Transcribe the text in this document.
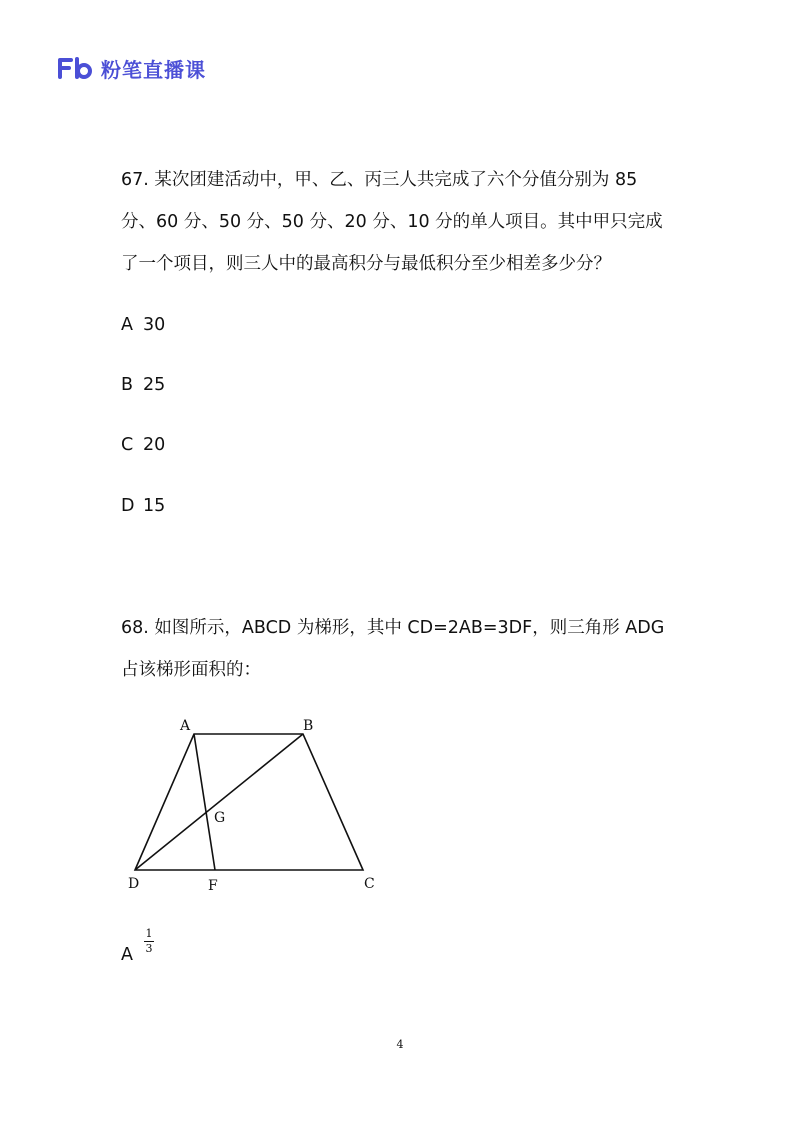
粉笔直播课
67. 某次团建活动中，甲、乙、丙三人共完成了六个分值分别为 85
分、60 分、50 分、50 分、20 分、10 分的单人项目。其中甲只完成
了一个项目，则三人中的最高积分与最低积分至少相差多少分？
A 30
B 25
C 20
D 15
68. 如图所示，ABCD 为梯形，其中 CD=2AB=3DF，则三角形 ADG
占该梯形面积的：
A	B
C
D	F
G
A
1
3
4
